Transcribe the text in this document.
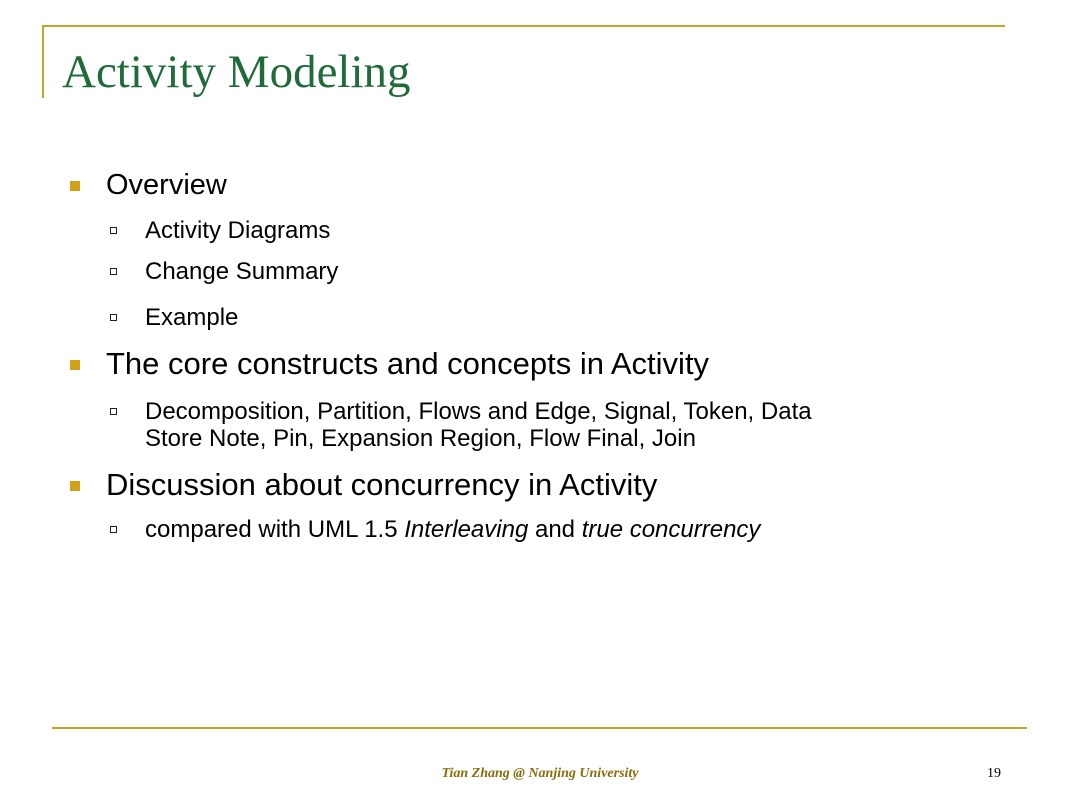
Activity Modeling
Overview
Activity Diagrams
Change Summary
Example
The core constructs and concepts in Activity
Decomposition, Partition, Flows and Edge, Signal, Token, Data
Store Note, Pin, Expansion Region, Flow Final, Join
Discussion about concurrency in Activity
compared with UML 1.5 Interleaving and true concurrency
Tian Zhang @ Nanjing University	19
